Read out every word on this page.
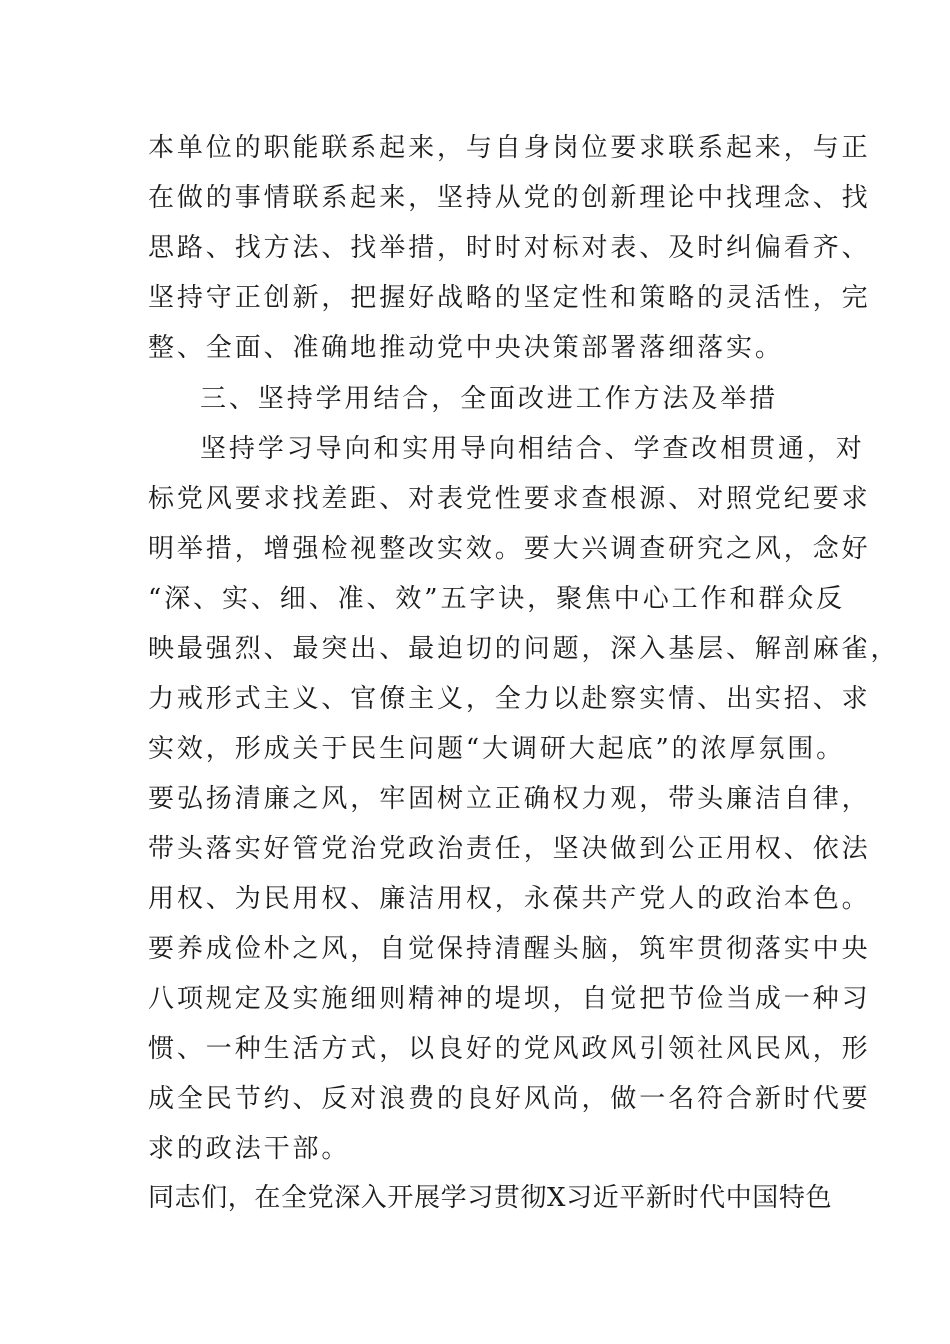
本单位的职能联系起来，与自身岗位要求联系起来，与正
在做的事情联系起来，坚持从党的创新理论中找理念、找
思路、找方法、找举措，时时对标对表、及时纠偏看齐、
坚持守正创新，把握好战略的坚定性和策略的灵活性，完
整、全面、准确地推动党中央决策部署落细落实。
三、坚持学用结合，全面改进工作方法及举措
坚持学习导向和实用导向相结合、学查改相贯通，对
标党风要求找差距、对表党性要求查根源、对照党纪要求
明举措，增强检视整改实效。要大兴调查研究之风，念好
“深、实、细、准、效”五字诀，聚焦中心工作和群众反
映最强烈、最突出、最迫切的问题，深入基层、解剖麻雀，
力戒形式主义、官僚主义，全力以赴察实情、出实招、求
实效，形成关于民生问题“大调研大起底”的浓厚氛围。
要弘扬清廉之风，牢固树立正确权力观，带头廉洁自律，
带头落实好管党治党政治责任，坚决做到公正用权、依法
用权、为民用权、廉洁用权，永葆共产党人的政治本色。
要养成俭朴之风，自觉保持清醒头脑，筑牢贯彻落实中央
八项规定及实施细则精神的堤坝，自觉把节俭当成一种习
惯、一种生活方式，以良好的党风政风引领社风民风，形
成全民节约、反对浪费的良好风尚，做一名符合新时代要
求的政法干部。
同志们，在全党深入开展学习贯彻X习近平新时代中国特色
